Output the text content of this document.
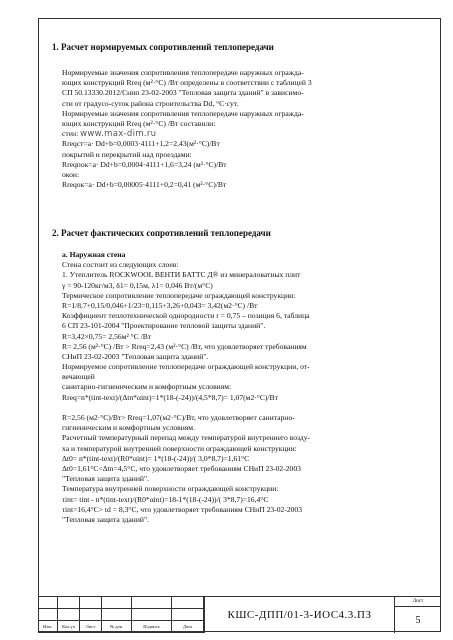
1. Расчет нормируемых сопротивлений теплопередачи
Нормируемые значения сопротивления теплопередаче наружных огражда-
ющих конструкций Rreq (м²·°С) /Вт определены в соответствии с таблицей 3
СП 50.13330.2012/Снип 23-02-2003 "Тепловая защита зданий" в зависимо-
сти от градусо-суток района строительства Dd, °С·сут.
Нормируемые значения сопротивления теплопередаче наружных огражда-
ющих конструкций Rreq (м²·°С) /Вт составили:
стен: www.max-dim.ru
Rreqст=a· Dd+b=0,0003·4111+1,2=2,43(м²·°С)/Вт
покрытий и перекрытий над проездами:
Rreqпок=a· Dd+b=0,0004·4111+1,6=3,24 (м²·°С)/Вт
окон:
Rreqок=a· Dd+b=0,00005·4111+0,2=0,41 (м²·°С)/Вт
2. Расчет фактических сопротивлений теплопередачи
а. Наружная стена
Стена состоит из следующих слоев:
1. Утеплитель ROCKWOOL ВЕНТИ БАТТС Д® из минераловатных плит
γ = 90-120кг/м3, δ1= 0,15м, λ1= 0,046 Вт/(м°С)
Термическое сопротивление теплопередаче ограждающей конструкции:
R=1/8,7+0,15/0,046+1/23=0,115+3,26+0,043= 3,42(м2·°С) /Вт
Коэффициент теплотехнической однородности r = 0,75 – позиция 6, таблица
6 СП 23-101-2004 "Проектирование тепловой защиты зданий".
R=3,42×0,75= 2,56м² °С /Вт
R= 2,56 (м²·°С) /Вт > Rreq=2,43 (м²·°С) /Вт, что удовлетворяет требованиям
СНиП 23-02-2003 "Тепловая защита зданий".
Нормируемое сопротивление теплопередаче ограждающей конструкции, от-
вечающей
санитарно-гигиеническим и комфортным условиям:
Rreq=n*(tint-text)/(Δtn*αint)=1*(18-(-24))/(4,5*8,7)= 1,07(м2·°С)/Вт
R=2,56 (м2·°С)/Вт> Rreq=1,07(м2·°С)/Вт, что удовлетворяет санитарно-
гигиеническим и комфортным условиям.
Расчетный температурный перепад между температурой внутреннего возду-
ха и температурой внутренней поверхности ограждающей конструкции:
Δt0= n*(tint-text)/(R0*αint)= 1*(18-(-24))/( 3,0*8,7)=1,61°С
Δt0=1,61°С<Δtn=4,5°С, что удовлетворяет требованиям СНиП 23-02-2003
"Тепловая защита зданий".
Температура внутренней поверхности ограждающей конструкции:
τint= tint - n*(tint-text)/(R0*αint)=18-1*(18-(-24))/( 3*8,7)=16,4°С
τint=16,4°С> td = 8,3°С, что удовлетворяет требованиям СНиП 23-02-2003
"Тепловая защита зданий".
Изм.	Кол.уч	Лист	№ док.	Подпись	Дата
КШС-ДПП/01-3-ИОС4.3.ПЗ
Лист
5
